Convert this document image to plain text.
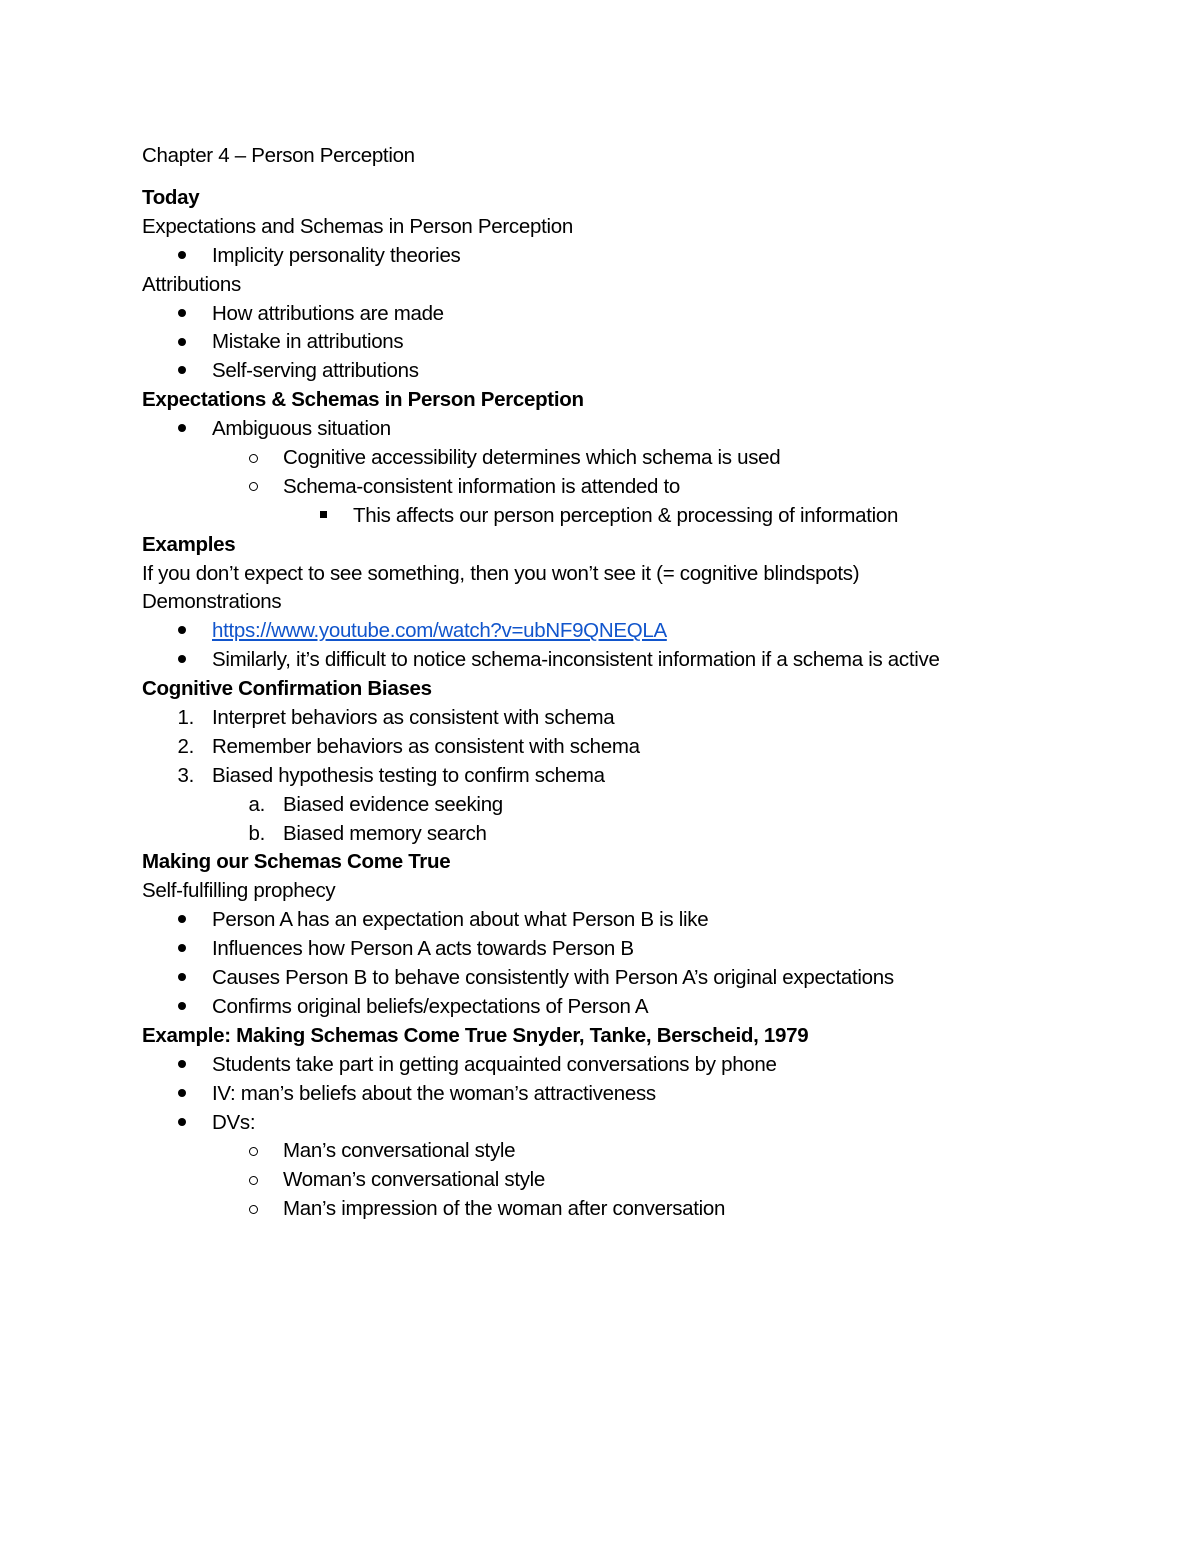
Chapter 4 – Person Perception
Today
Expectations and Schemas in Person Perception
Implicity personality theories
Attributions
How attributions are made
Mistake in attributions
Self-serving attributions
Expectations & Schemas in Person Perception
Ambiguous situation
Cognitive accessibility determines which schema is used
Schema-consistent information is attended to
This affects our person perception & processing of information
Examples
If you don’t expect to see something, then you won’t see it (= cognitive blindspots)
Demonstrations
https://www.youtube.com/watch?v=ubNF9QNEQLA
Similarly, it’s difficult to notice schema-inconsistent information if a schema is active
Cognitive Confirmation Biases
1. Interpret behaviors as consistent with schema
2. Remember behaviors as consistent with schema
3. Biased hypothesis testing to confirm schema
a. Biased evidence seeking
b. Biased memory search
Making our Schemas Come True
Self-fulfilling prophecy
Person A has an expectation about what Person B is like
Influences how Person A acts towards Person B
Causes Person B to behave consistently with Person A’s original expectations
Confirms original beliefs/expectations of Person A
Example: Making Schemas Come True Snyder, Tanke, Berscheid, 1979
Students take part in getting acquainted conversations by phone
IV: man’s beliefs about the woman’s attractiveness
DVs:
Man’s conversational style
Woman’s conversational style
Man’s impression of the woman after conversation
